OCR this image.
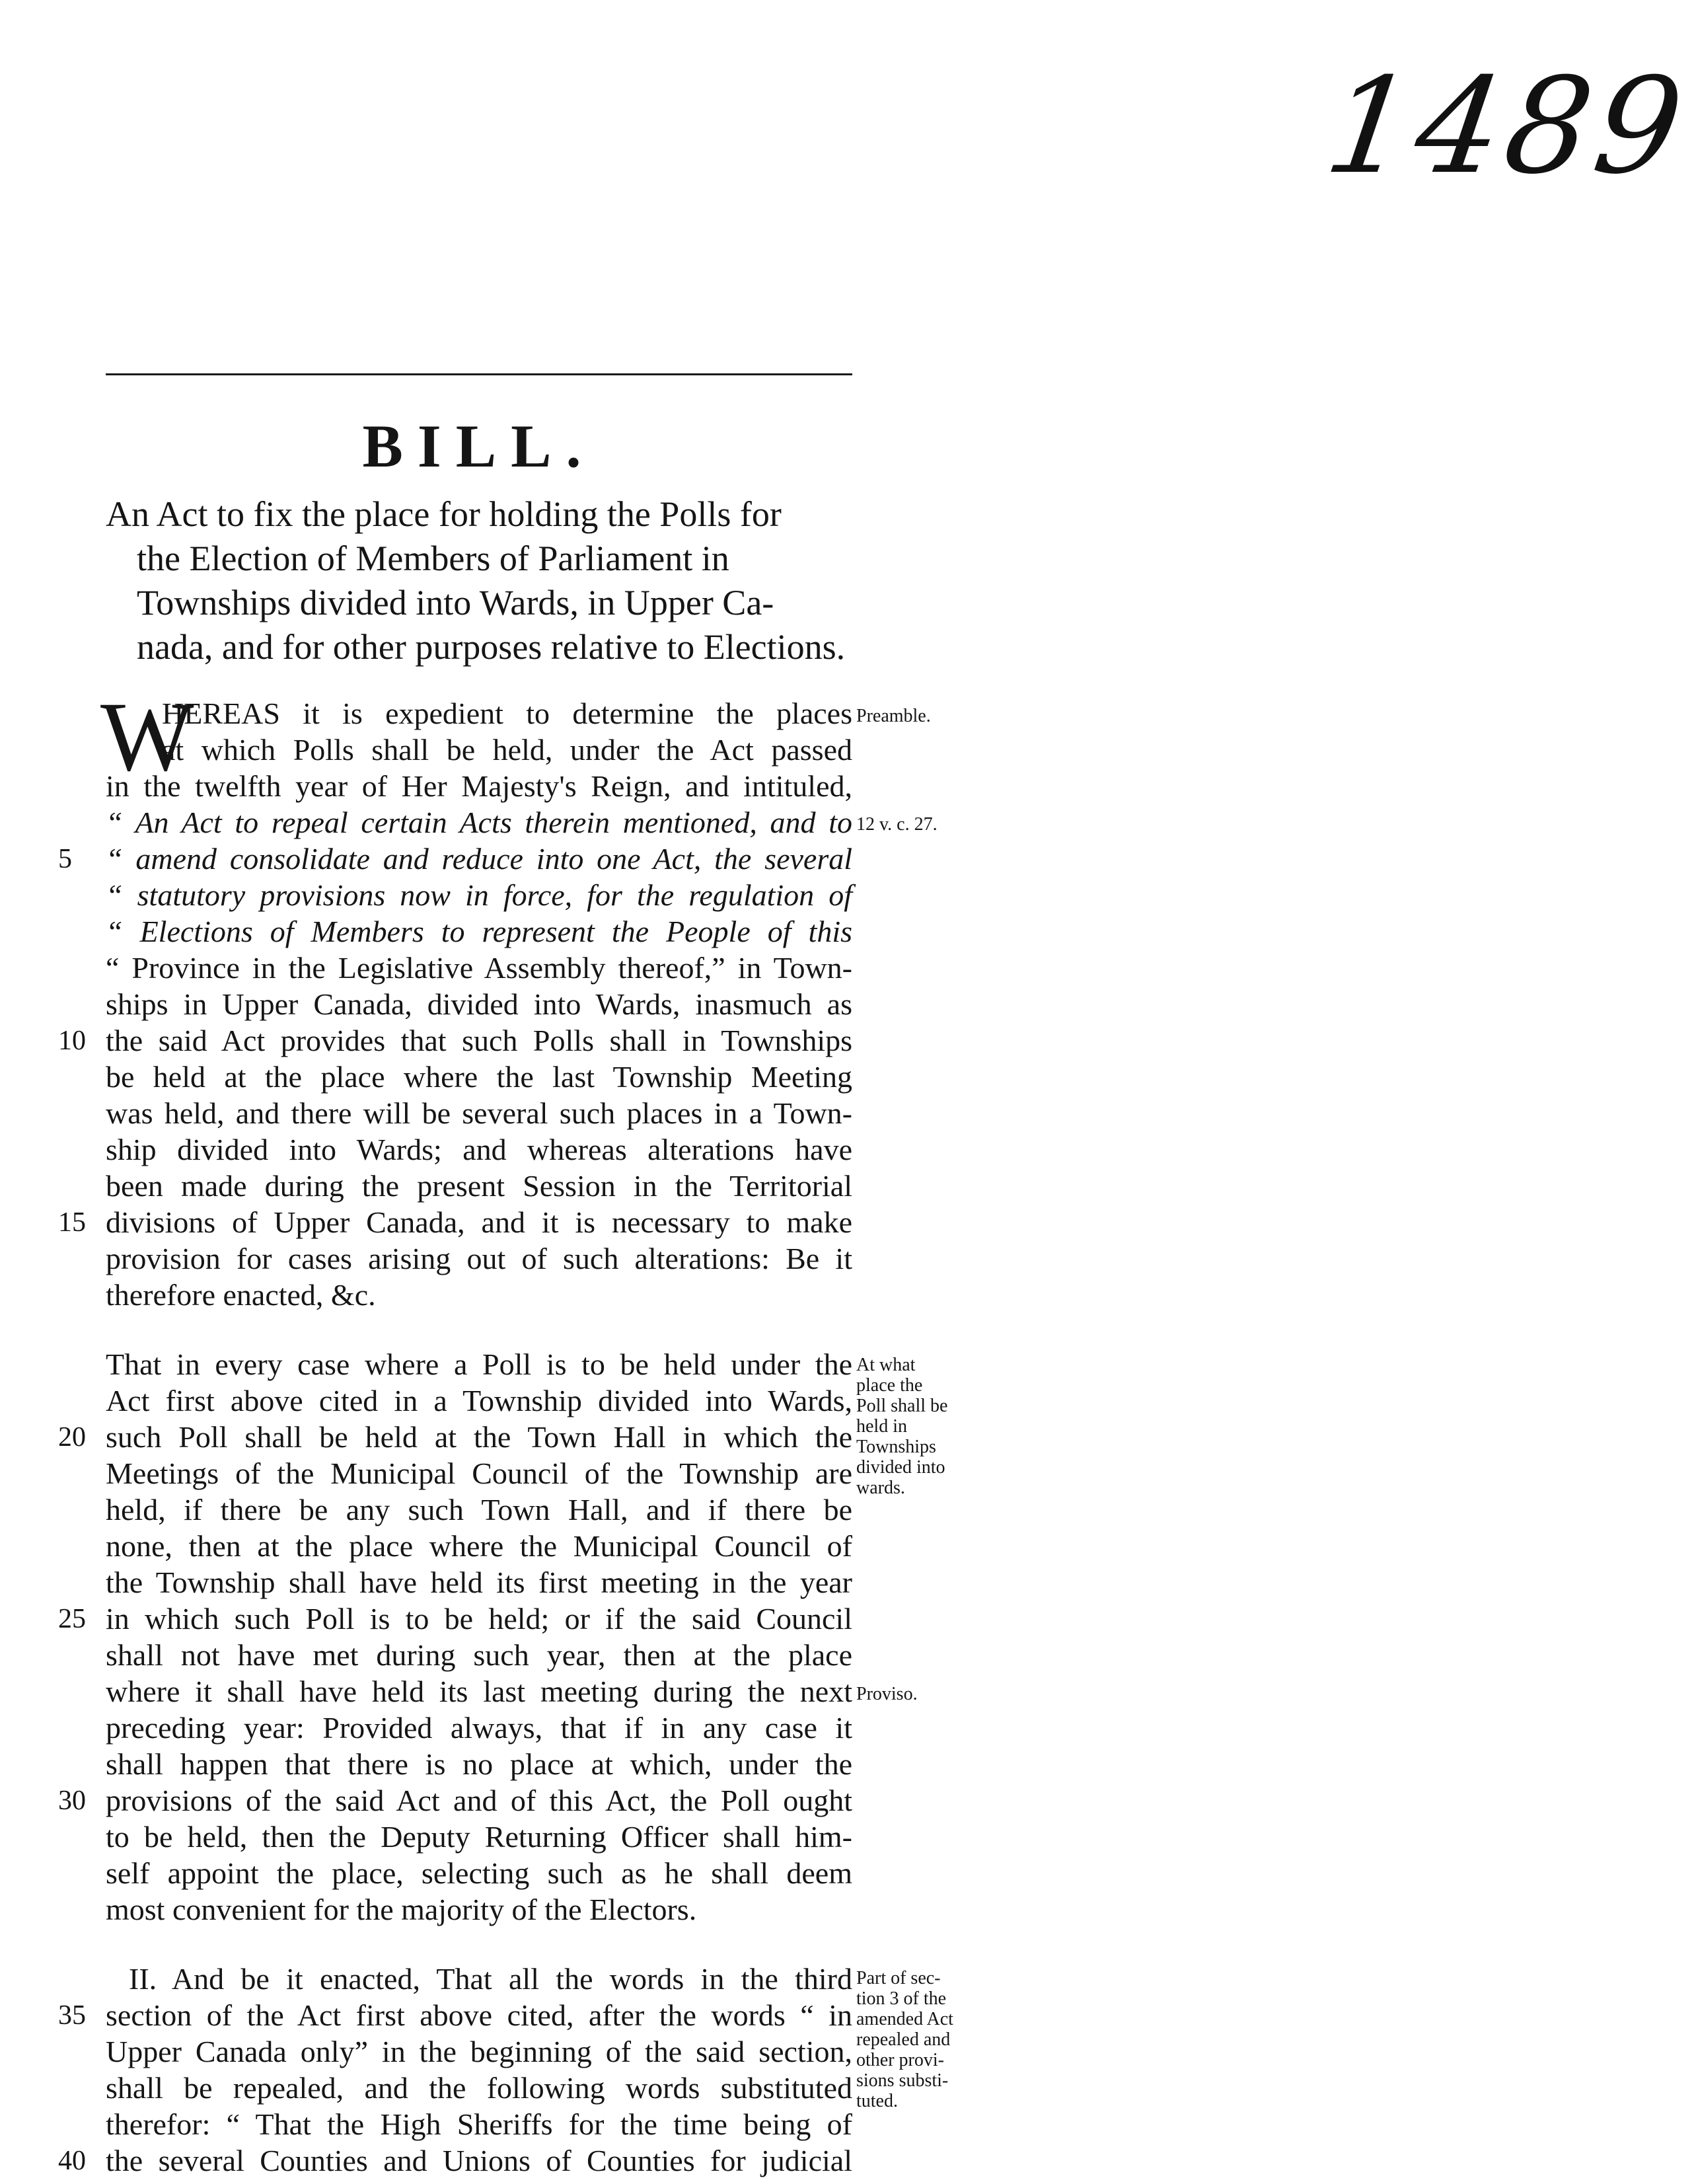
1489
BILL.
An Act to fix the place for holding the Polls for
the Election of Members of Parliament in
Townships divided into Wards, in Upper Ca-
nada, and for other purposes relative to Elections.
W
HEREAS it is expedient to determine the places
at which Polls shall be held, under the Act passed
in the twelfth year of Her Majesty's Reign, and intituled,
“ An Act to repeal certain Acts therein mentioned, and to
“ amend consolidate and reduce into one Act, the several
“ statutory provisions now in force, for the regulation of
“ Elections of Members to represent the People of this
“ Province in the Legislative Assembly thereof,” in Town-
ships in Upper Canada, divided into Wards, inasmuch as
the said Act provides that such Polls shall in Townships
be held at the place where the last Township Meeting
was held, and there will be several such places in a Town-
ship divided into Wards; and whereas alterations have
been made during the present Session in the Territorial
divisions of Upper Canada, and it is necessary to make
provision for cases arising out of such alterations: Be it
therefore enacted, &c.
That in every case where a Poll is to be held under the
Act first above cited in a Township divided into Wards,
such Poll shall be held at the Town Hall in which the
Meetings of the Municipal Council of the Township are
held, if there be any such Town Hall, and if there be
none, then at the place where the Municipal Council of
the Township shall have held its first meeting in the year
in which such Poll is to be held; or if the said Council
shall not have met during such year, then at the place
where it shall have held its last meeting during the next
preceding year: Provided always, that if in any case it
shall happen that there is no place at which, under the
provisions of the said Act and of this Act, the Poll ought
to be held, then the Deputy Returning Officer shall him-
self appoint the place, selecting such as he shall deem
most convenient for the majority of the Electors.
II. And be it enacted, That all the words in the third
section of the Act first above cited, after the words “ in
Upper Canada only” in the beginning of the said section,
shall be repealed, and the following words substituted
therefor: “ That the High Sheriffs for the time being of
the several Counties and Unions of Counties for judicial
5
10
15
20
25
30
35
40
Preamble.
12 v. c. 27.
At what
place the
Poll shall be
held in
Townships
divided into
wards.
Proviso.
Part of sec-
tion 3 of the
amended Act
repealed and
other provi-
sions substi-
tuted.
